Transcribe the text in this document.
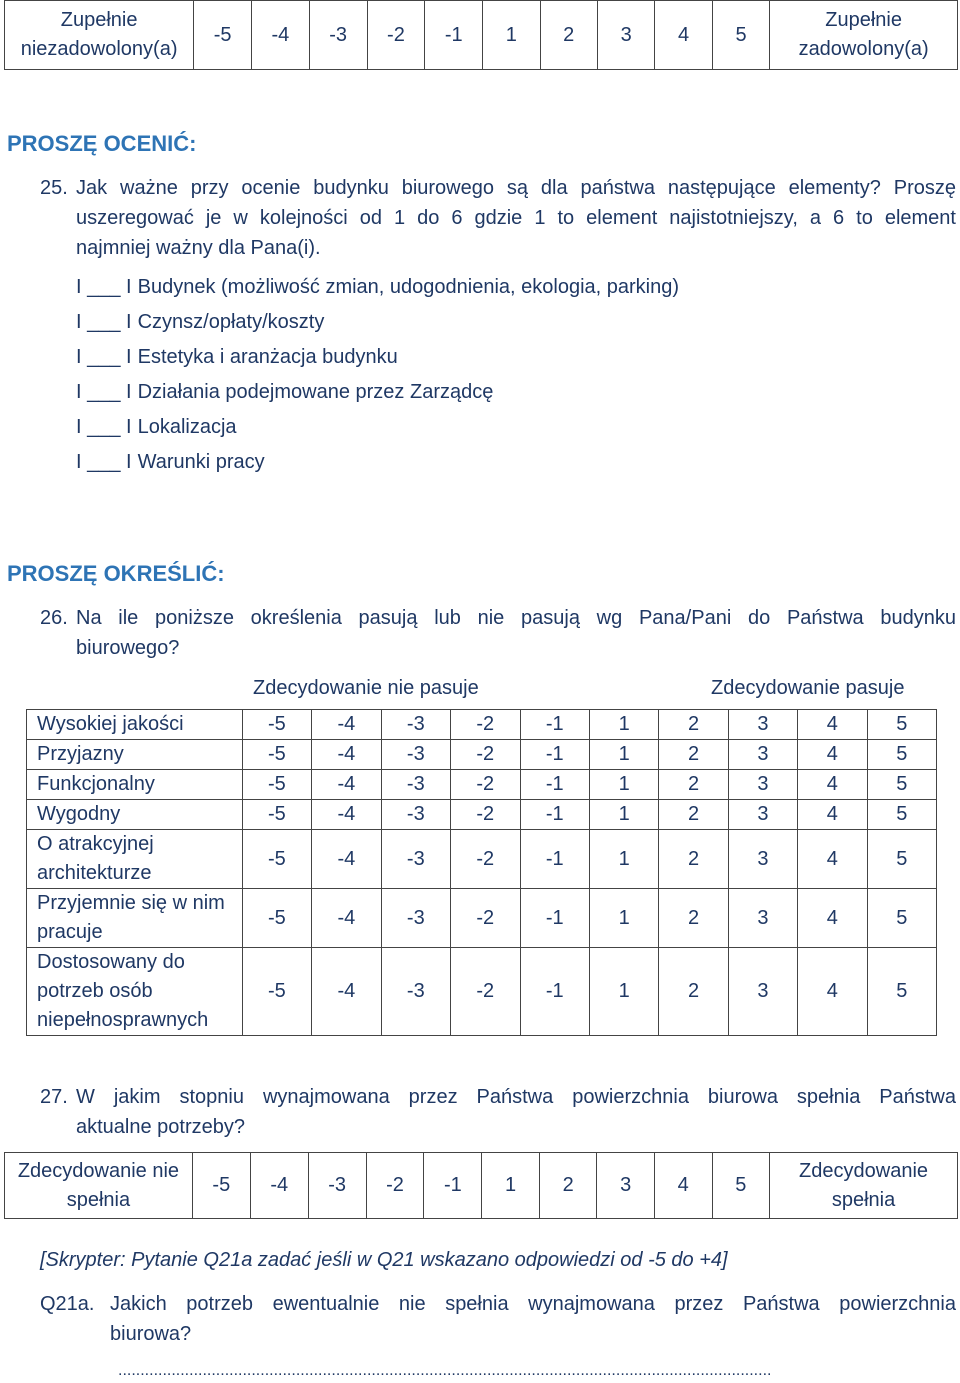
Zupełnie niezadowolony(a)	-5	-4	-3	-2	-1	1	2	3	4	5	Zupełnie zadowolony(a)
PROSZĘ OCENIĆ:
25. Jak ważne przy ocenie budynku biurowego są dla państwa następujące elementy? Proszę
uszeregować je w kolejności od 1 do 6 gdzie 1 to element najistotniejszy, a 6 to element
najmniej ważny dla Pana(i).
I ___ I Budynek (możliwość zmian, udogodnienia, ekologia, parking)
I ___ I Czynsz/opłaty/koszty
I ___ I Estetyka i aranżacja budynku
I ___ I Działania podejmowane przez Zarządcę
I ___ I Lokalizacja
I ___ I Warunki pracy
PROSZĘ OKREŚLIĆ:
26. Na ile poniższe określenia pasują lub nie pasują wg Pana/Pani do Państwa budynku
biurowego?
Zdecydowanie nie pasuje	Zdecydowanie pasuje
Wysokiej jakości	-5	-4	-3	-2	-1	1	2	3	4	5
Przyjazny	-5	-4	-3	-2	-1	1	2	3	4	5
Funkcjonalny	-5	-4	-3	-2	-1	1	2	3	4	5
Wygodny	-5	-4	-3	-2	-1	1	2	3	4	5
O atrakcyjnej architekturze	-5	-4	-3	-2	-1	1	2	3	4	5
Przyjemnie się w nim pracuje	-5	-4	-3	-2	-1	1	2	3	4	5
Dostosowany do potrzeb osób niepełnosprawnych	-5	-4	-3	-2	-1	1	2	3	4	5
27. W jakim stopniu wynajmowana przez Państwa powierzchnia biurowa spełnia Państwa
aktualne potrzeby?
Zdecydowanie nie spełnia	-5	-4	-3	-2	-1	1	2	3	4	5	Zdecydowanie spełnia
[Skrypter: Pytanie Q21a zadać jeśli w Q21 wskazano odpowiedzi od -5 do +4]
Q21a. Jakich potrzeb ewentualnie nie spełnia wynajmowana przez Państwa powierzchnia
biurowa?
...................................................................................................................................................
